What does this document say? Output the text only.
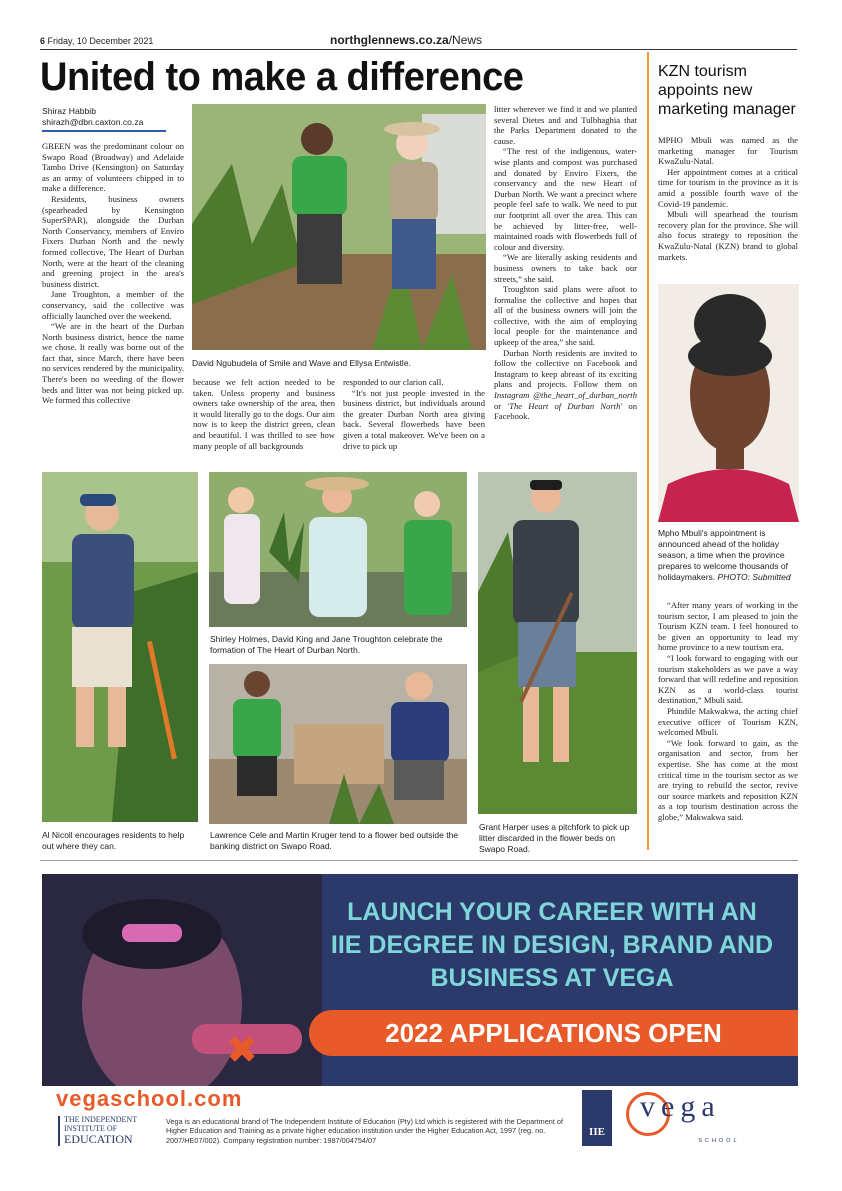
6 Friday, 10 December 2021	northglennews.co.za/News
United to make a difference
Shiraz Habbib
shirazh@dbn.caxton.co.za
David Ngubudela of Smile and Wave and Ellysa Entwistle.

GREEN was the predominant colour on Swapo Road (Broadway) and Adelaide Tambo Drive (Kensington) on Saturday as an army of volunteers chipped in to make a difference.

Residents, business owners (spearheaded by Kensington SuperSPAR), alongside the Durban North Conservancy, members of Enviro Fixers Durban North and the newly formed collective, The Heart of Durban North, were at the heart of the cleaning and greening project in the area's business district.

Jane Troughton, a member of the conservancy, said the collective was officially launched over the weekend.

“We are in the heart of the Durban North business district, hence the name we chose. It really was borne out of the fact that, since March, there have been no services rendered by the municipality. There's been no weeding of the flower beds and litter was not being picked up. We formed this collective

because we felt action needed to be taken. Unless property and business owners take ownership of the area, then it would literally go to the dogs. Our aim now is to keep the district green, clean and beautiful. I was thrilled to see how many people of all backgrounds

responded to our clarion call.

“It's not just people invested in the business district, but individuals around the greater Durban North area giving back. Several flowerbeds have been given a total makeover. We've been on a drive to pick up

litter wherever we find it and we planted several Dietes and and Tulbhaghia that the Parks Department donated to the cause.

“The rest of the indigenous, water-wise plants and compost was purchased and donated by Enviro Fixers, the conservancy and the new Heart of Durban North. We want a precinct where people feel safe to walk. We need to put our footprint all over the area. This can be achieved by litter-free, well-maintained roads with flowerbeds full of colour and diversity.

“We are literally asking residents and business owners to take back our streets,” she said.

Troughton said plans were afoot to formalise the collective and hopes that all of the business owners will join the collective, with the aim of employing local people for the maintenance and upkeep of the area,” she said.

Durban North residents are invited to follow the collective on Facebook and Instagram to keep abreast of its exciting plans and projects. Follow them on Instagram @the_heart_of_durban_north or 'The Heart of Durban North' on Facebook.

Al Nicoll encourages residents to help out where they can.
Shirley Holmes, David King and Jane Troughton celebrate the formation of The Heart of Durban North.
Lawrence Cele and Martin Kruger tend to a flower bed outside the banking district on Swapo Road.
Grant Harper uses a pitchfork to pick up litter discarded in the flower beds on Swapo Road.
KZN tourism appoints new marketing manager

MPHO Mbuli was named as the marketing manager for Tourism KwaZulu-Natal.

Her appointment comes at a critical time for tourism in the province as it is amid a possible fourth wave of the Covid-19 pandemic.

Mbuli will spearhead the tourism recovery plan for the province. She will also focus strategy to reposition the KwaZulu-Natal (KZN) brand to global markets.

Mpho Mbuli's appointment is announced ahead of the holiday season, a time when the province prepares to welcome thousands of holidaymakers. PHOTO: Submitted

“After many years of working in the tourism sector, I am pleased to join the Tourism KZN team. I feel honoured to be given an opportunity to lead my home province to a new tourism era.

“I look forward to engaging with our tourism stakeholders as we pave a way forward that will redefine and reposition KZN as a world-class tourist destination,” Mbuli said.

Phindile Makwakwa, the acting chief executive officer of Tourism KZN, welcomed Mbuli.

“We look forward to gain, as the organisation and sector, from her expertise. She has come at the most critical time in the tourism sector as we are trying to rebuild the sector, revive our source markets and reposition KZN as a top tourism destination across the globe,” Makwakwa said.

LAUNCH YOUR CAREER WITH AN
IIE DEGREE IN DESIGN, BRAND AND
BUSINESS AT VEGA
2022 APPLICATIONS OPEN
vegaschool.com
THE INDEPENDENT
INSTITUTE OF
EDUCATION
Vega is an educational brand of The Independent Institute of Education (Pty) Ltd which is registered with the Department of Higher Education and Training as a private higher education institution under the Higher Education Act, 1997 (reg. no. 2007/HE07/002). Company registration number: 1987/004754/07
IIE
vega
SCHOOL
